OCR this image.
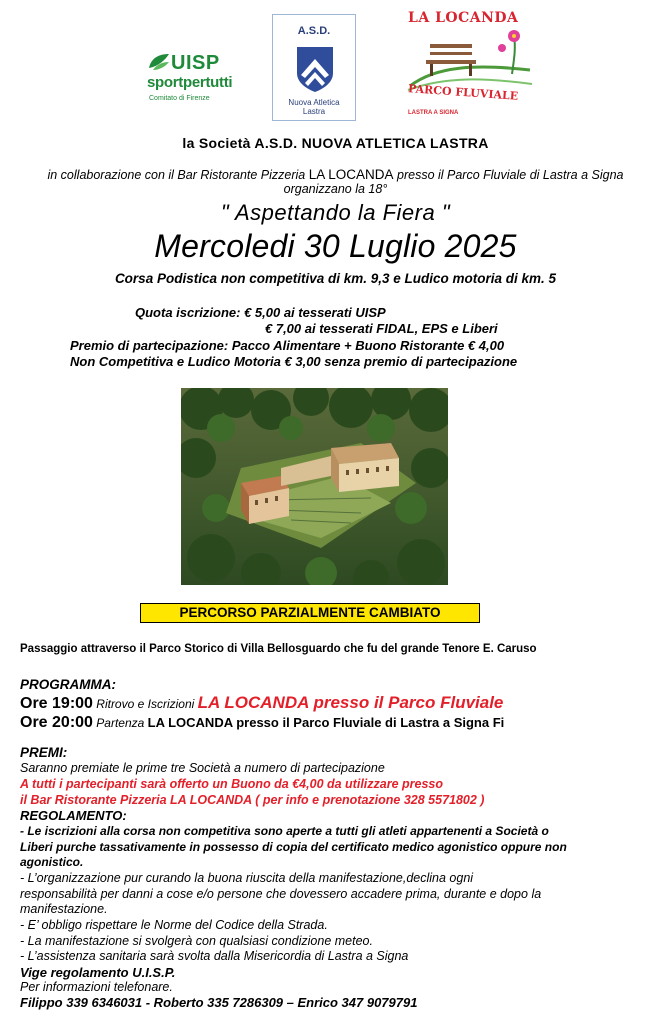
UISP
sportpertutti
Comitato di Firenze
A.S.D.
Nuova Atletica
Lastra
LA LOCANDA
PARCO FLUVIALE
LASTRA A SIGNA
la Società A.S.D. NUOVA ATLETICA LASTRA
in collaborazione con il Bar Ristorante Pizzeria LA LOCANDA presso il Parco Fluviale di Lastra a Signa
organizzano la 18°
" Aspettando la Fiera "
Mercoledi 30 Luglio 2025
Corsa Podistica non competitiva di km. 9,3 e Ludico motoria di km. 5
Quota iscrizione: € 5,00 ai tesserati UISP
€ 7,00 ai tesserati FIDAL, EPS e Liberi
Premio di partecipazione: Pacco Alimentare + Buono Ristorante € 4,00
Non Competitiva e Ludico Motoria € 3,00 senza premio di partecipazione
PERCORSO PARZIALMENTE CAMBIATO
Passaggio attraverso il Parco Storico di Villa Bellosguardo che fu del grande Tenore E. Caruso
PROGRAMMA:
Ore 19:00 Ritrovo e Iscrizioni LA LOCANDA presso il Parco Fluviale
Ore 20:00 Partenza LA LOCANDA presso il Parco Fluviale di Lastra a Signa Fi
PREMI:
Saranno premiate le prime tre Società a numero di partecipazione
A tutti i partecipanti sarà offerto un Buono da €4,00 da utilizzare presso
il Bar Ristorante Pizzeria LA LOCANDA ( per info e prenotazione 328 5571802 )
REGOLAMENTO:
- Le iscrizioni alla corsa non competitiva sono aperte a tutti gli atleti appartenenti a Società o
Liberi purche tassativamente in possesso di copia del certificato medico agonistico oppure non
agonistico.
- L’organizzazione pur curando la buona riuscita della manifestazione,declina ogni
responsabilità per danni a cose e/o persone che dovessero accadere prima, durante e dopo la
manifestazione.
- E’ obbligo rispettare le Norme del Codice della Strada.
- La manifestazione si svolgerà con qualsiasi condizione meteo.
- L’assistenza sanitaria sarà svolta dalla Misericordia di Lastra a Signa
Vige regolamento U.I.S.P.
Per informazioni telefonare.
Filippo 339 6346031 - Roberto 335 7286309 – Enrico 347 9079791
